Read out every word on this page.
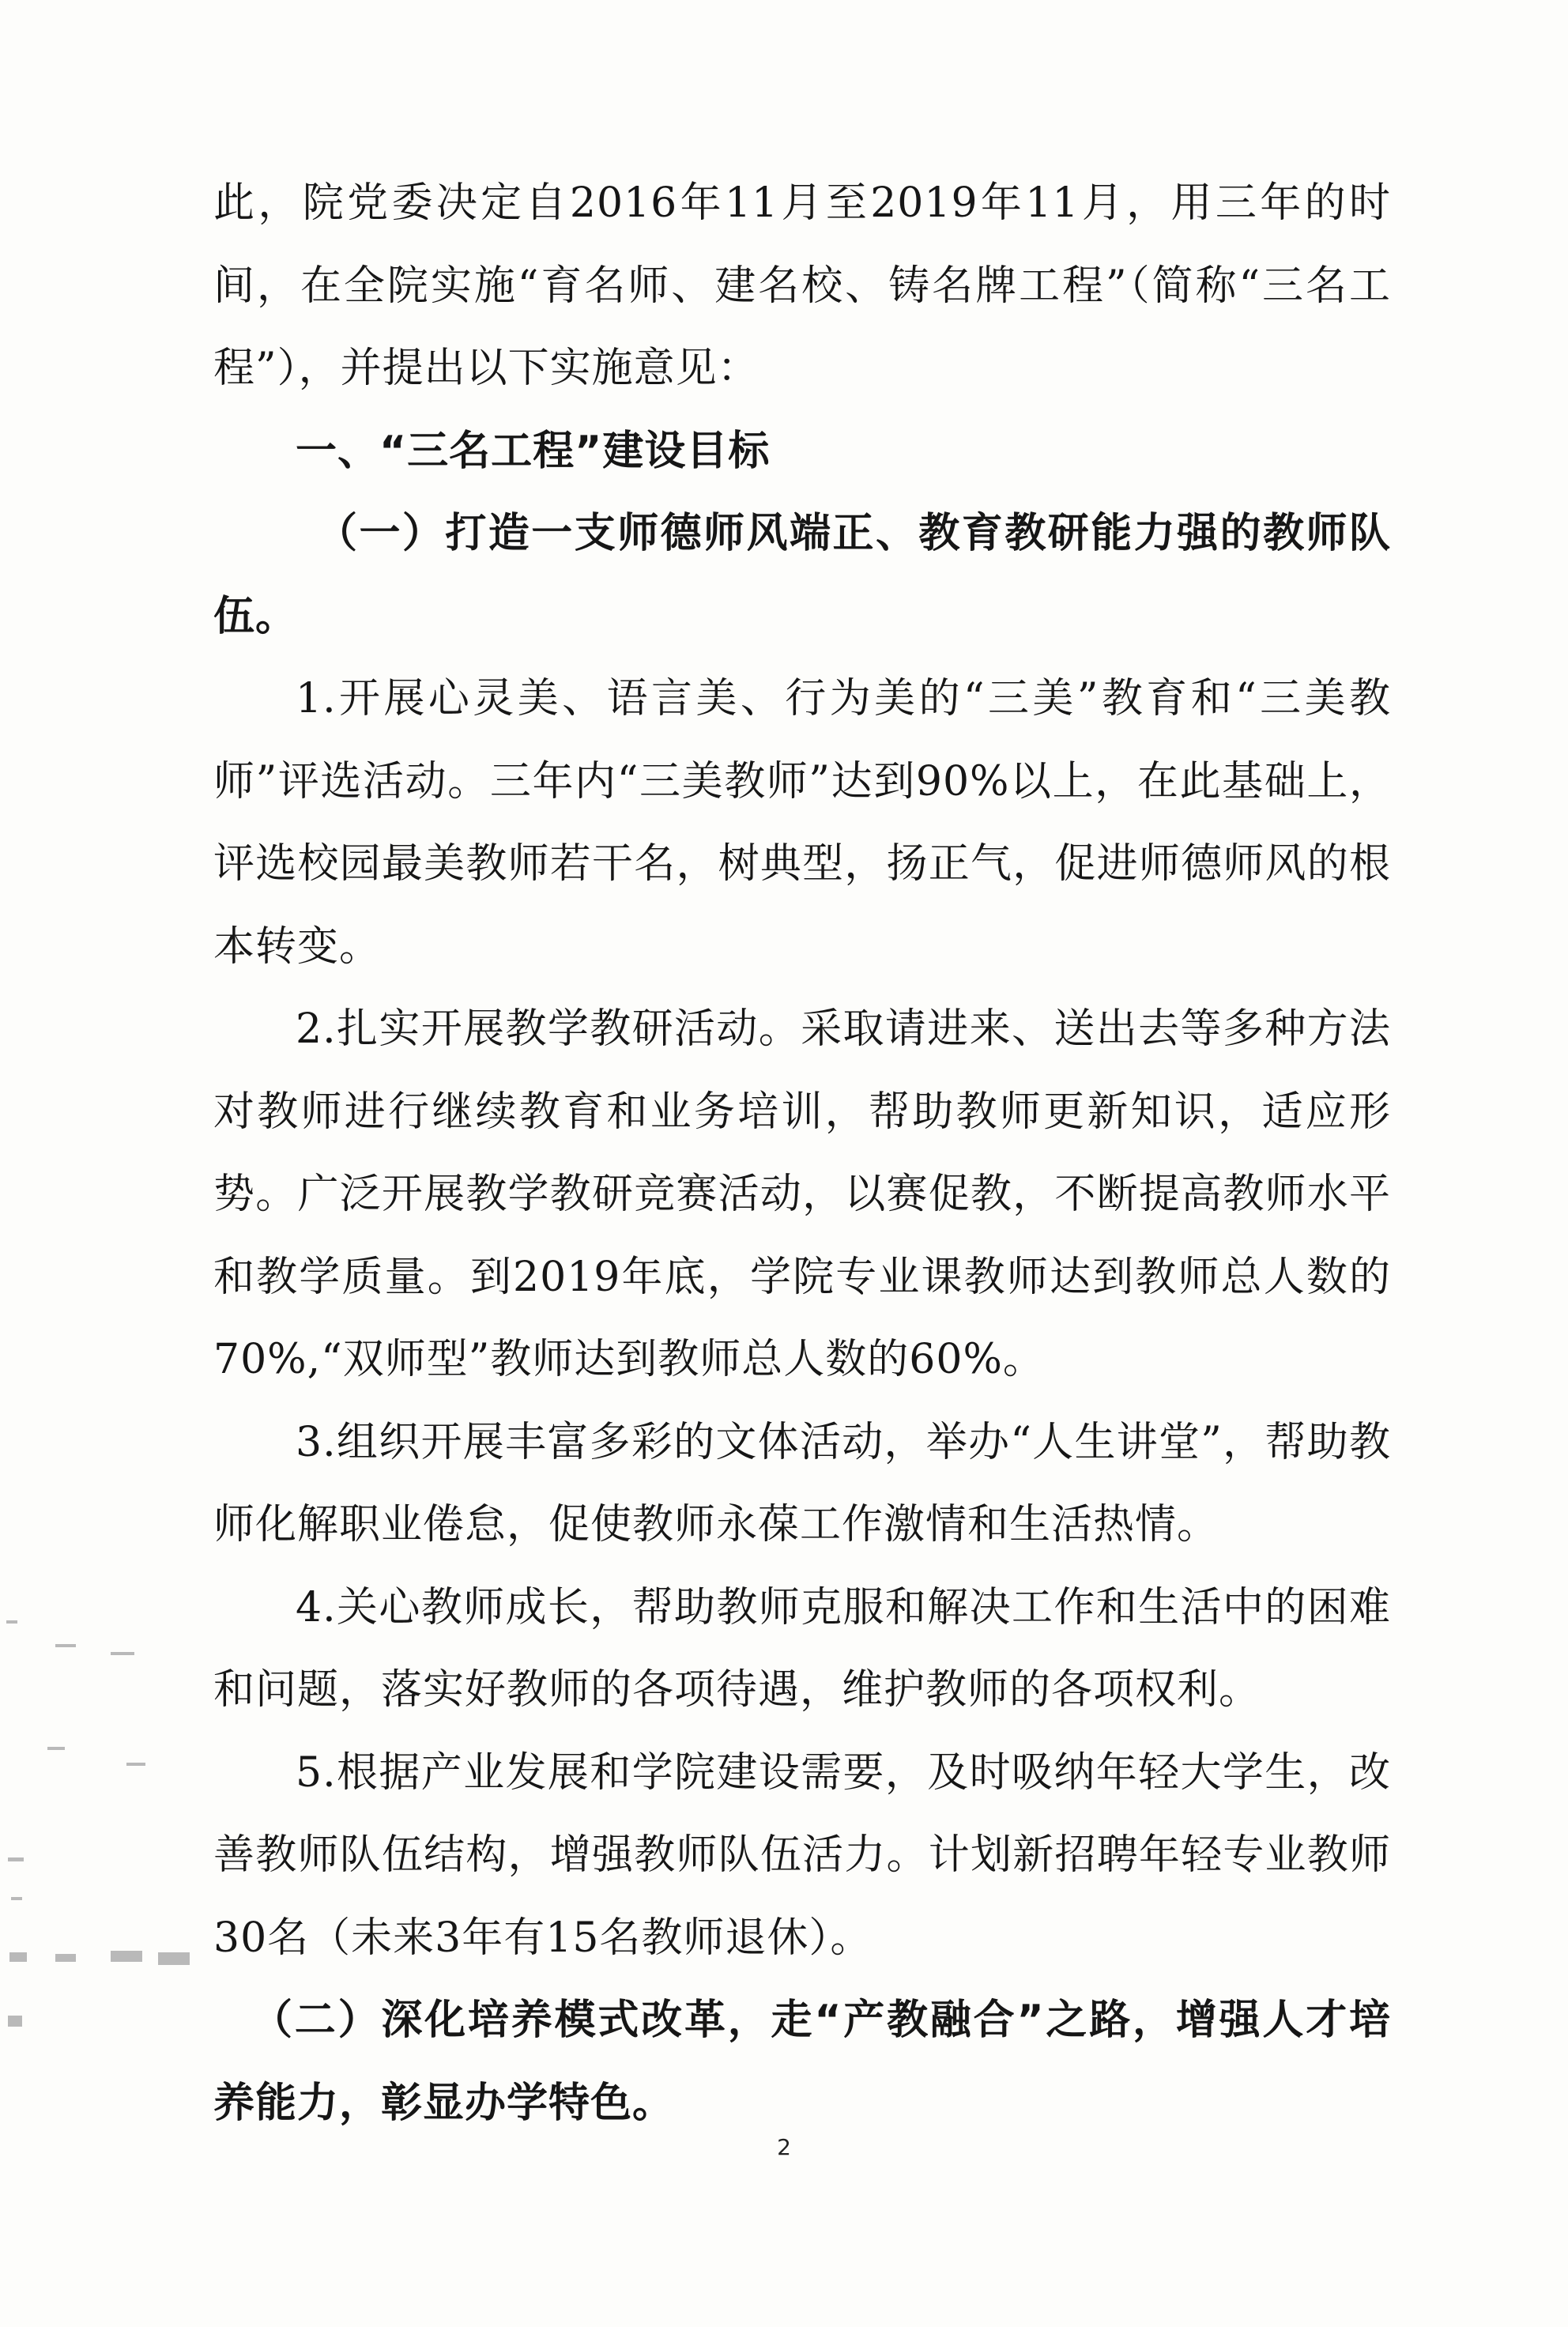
此，院党委决定自2016年11月至2019年11月，用三年的时间，在全院实施“育名师、建名校、铸名牌工程”（简称“三名工程”），并提出以下实施意见：

一、“三名工程”建设目标

（一）打造一支师德师风端正、教育教研能力强的教师队伍。

1.开展心灵美、语言美、行为美的“三美”教育和“三美教师”评选活动。三年内“三美教师”达到90%以上，在此基础上，评选校园最美教师若干名，树典型，扬正气，促进师德师风的根本转变。

2.扎实开展教学教研活动。采取请进来、送出去等多种方法对教师进行继续教育和业务培训，帮助教师更新知识，适应形势。广泛开展教学教研竞赛活动，以赛促教，不断提高教师水平和教学质量。到2019年底，学院专业课教师达到教师总人数的70%,“双师型”教师达到教师总人数的60%。

3.组织开展丰富多彩的文体活动，举办“人生讲堂”，帮助教师化解职业倦怠，促使教师永葆工作激情和生活热情。

4.关心教师成长，帮助教师克服和解决工作和生活中的困难和问题，落实好教师的各项待遇，维护教师的各项权利。

5.根据产业发展和学院建设需要，及时吸纳年轻大学生，改善教师队伍结构，增强教师队伍活力。计划新招聘年轻专业教师30名（未来3年有15名教师退休）。

（二）深化培养模式改革，走“产教融合”之路，增强人才培养能力，彰显办学特色。

2
